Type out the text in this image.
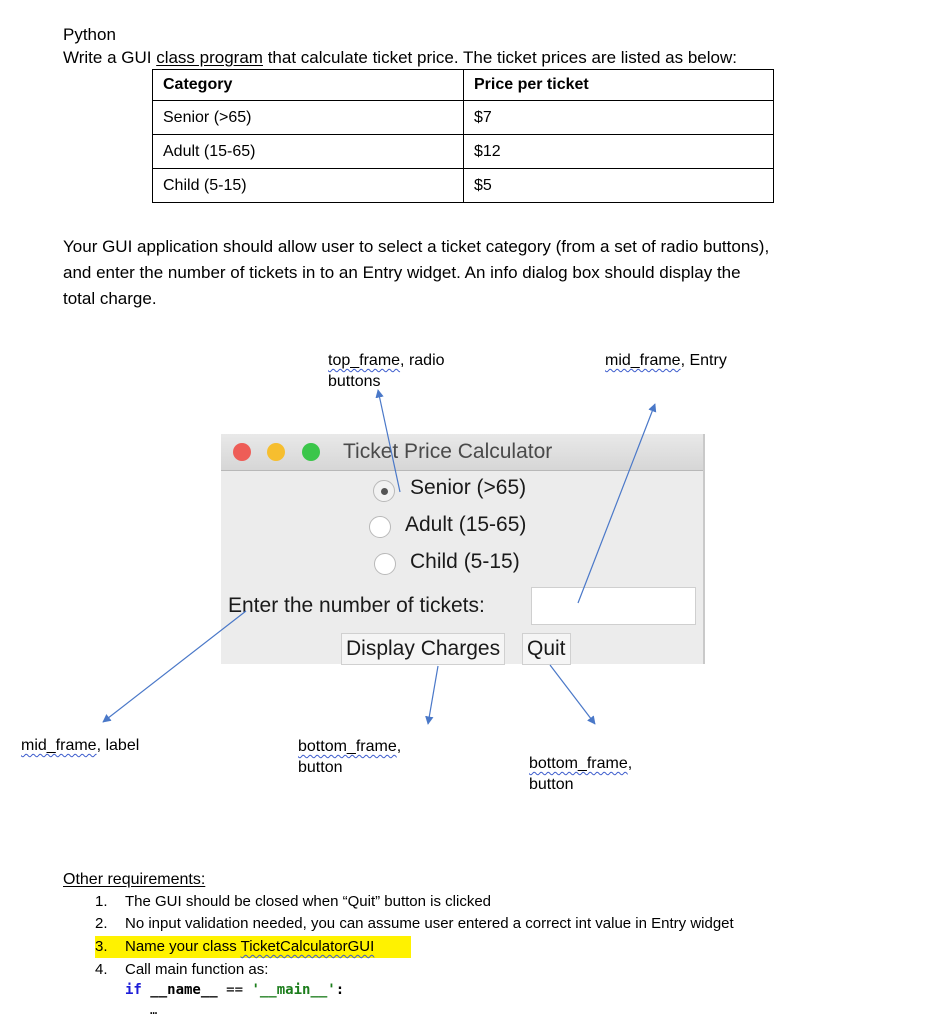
Python
Write a GUI class program that calculate ticket price. The ticket prices are listed as below:
Category	Price per ticket
Senior (>65)	$7
Adult (15-65)	$12
Child (5-15)	$5
Your GUI application should allow user to select a ticket category (from a set of radio buttons),
and enter the number of tickets in to an Entry widget. An info dialog box should display the
total charge.
top_frame, radio
buttons
mid_frame, Entry
mid_frame, label	bottom_frame,
button	bottom_frame,
button
Ticket Price Calculator
Senior (>65)
Adult (15-65)
Child (5-15)
Enter the number of tickets:
Display Charges Quit
Other requirements:
1. The GUI should be closed when “Quit” button is clicked
2. No input validation needed, you can assume user entered a correct int value in Entry widget
3. Name your class TicketCalculatorGUI
4. Call main function as:
if __name__ == '__main__':
…
